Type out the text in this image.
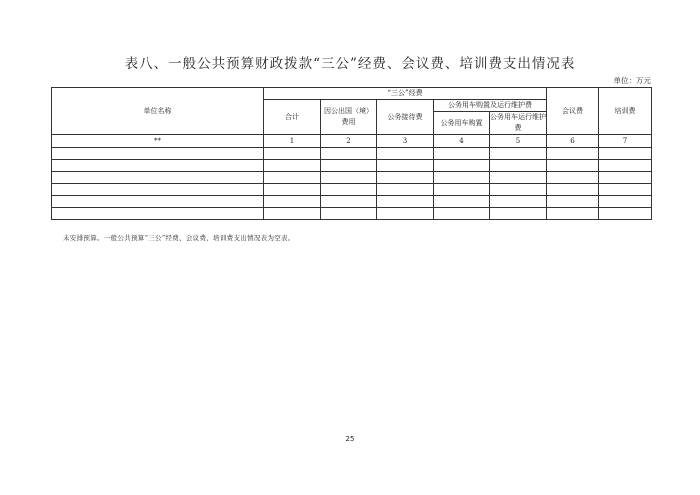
表八、一般公共预算财政拨款“三公”经费、会议费、培训费支出情况表
单位：万元
单位名称	“三公”经费					会议费	培训费
	合计	因公出国（境）费用	公务接待费	公务用车购置及运行维护费			
				公务用车购置	公务用车运行维护费		
**	1	2	3	4	5	6	7

未安排预算。一般公共预算“三公”经费、会议费、培训费支出情况表为空表。
25
